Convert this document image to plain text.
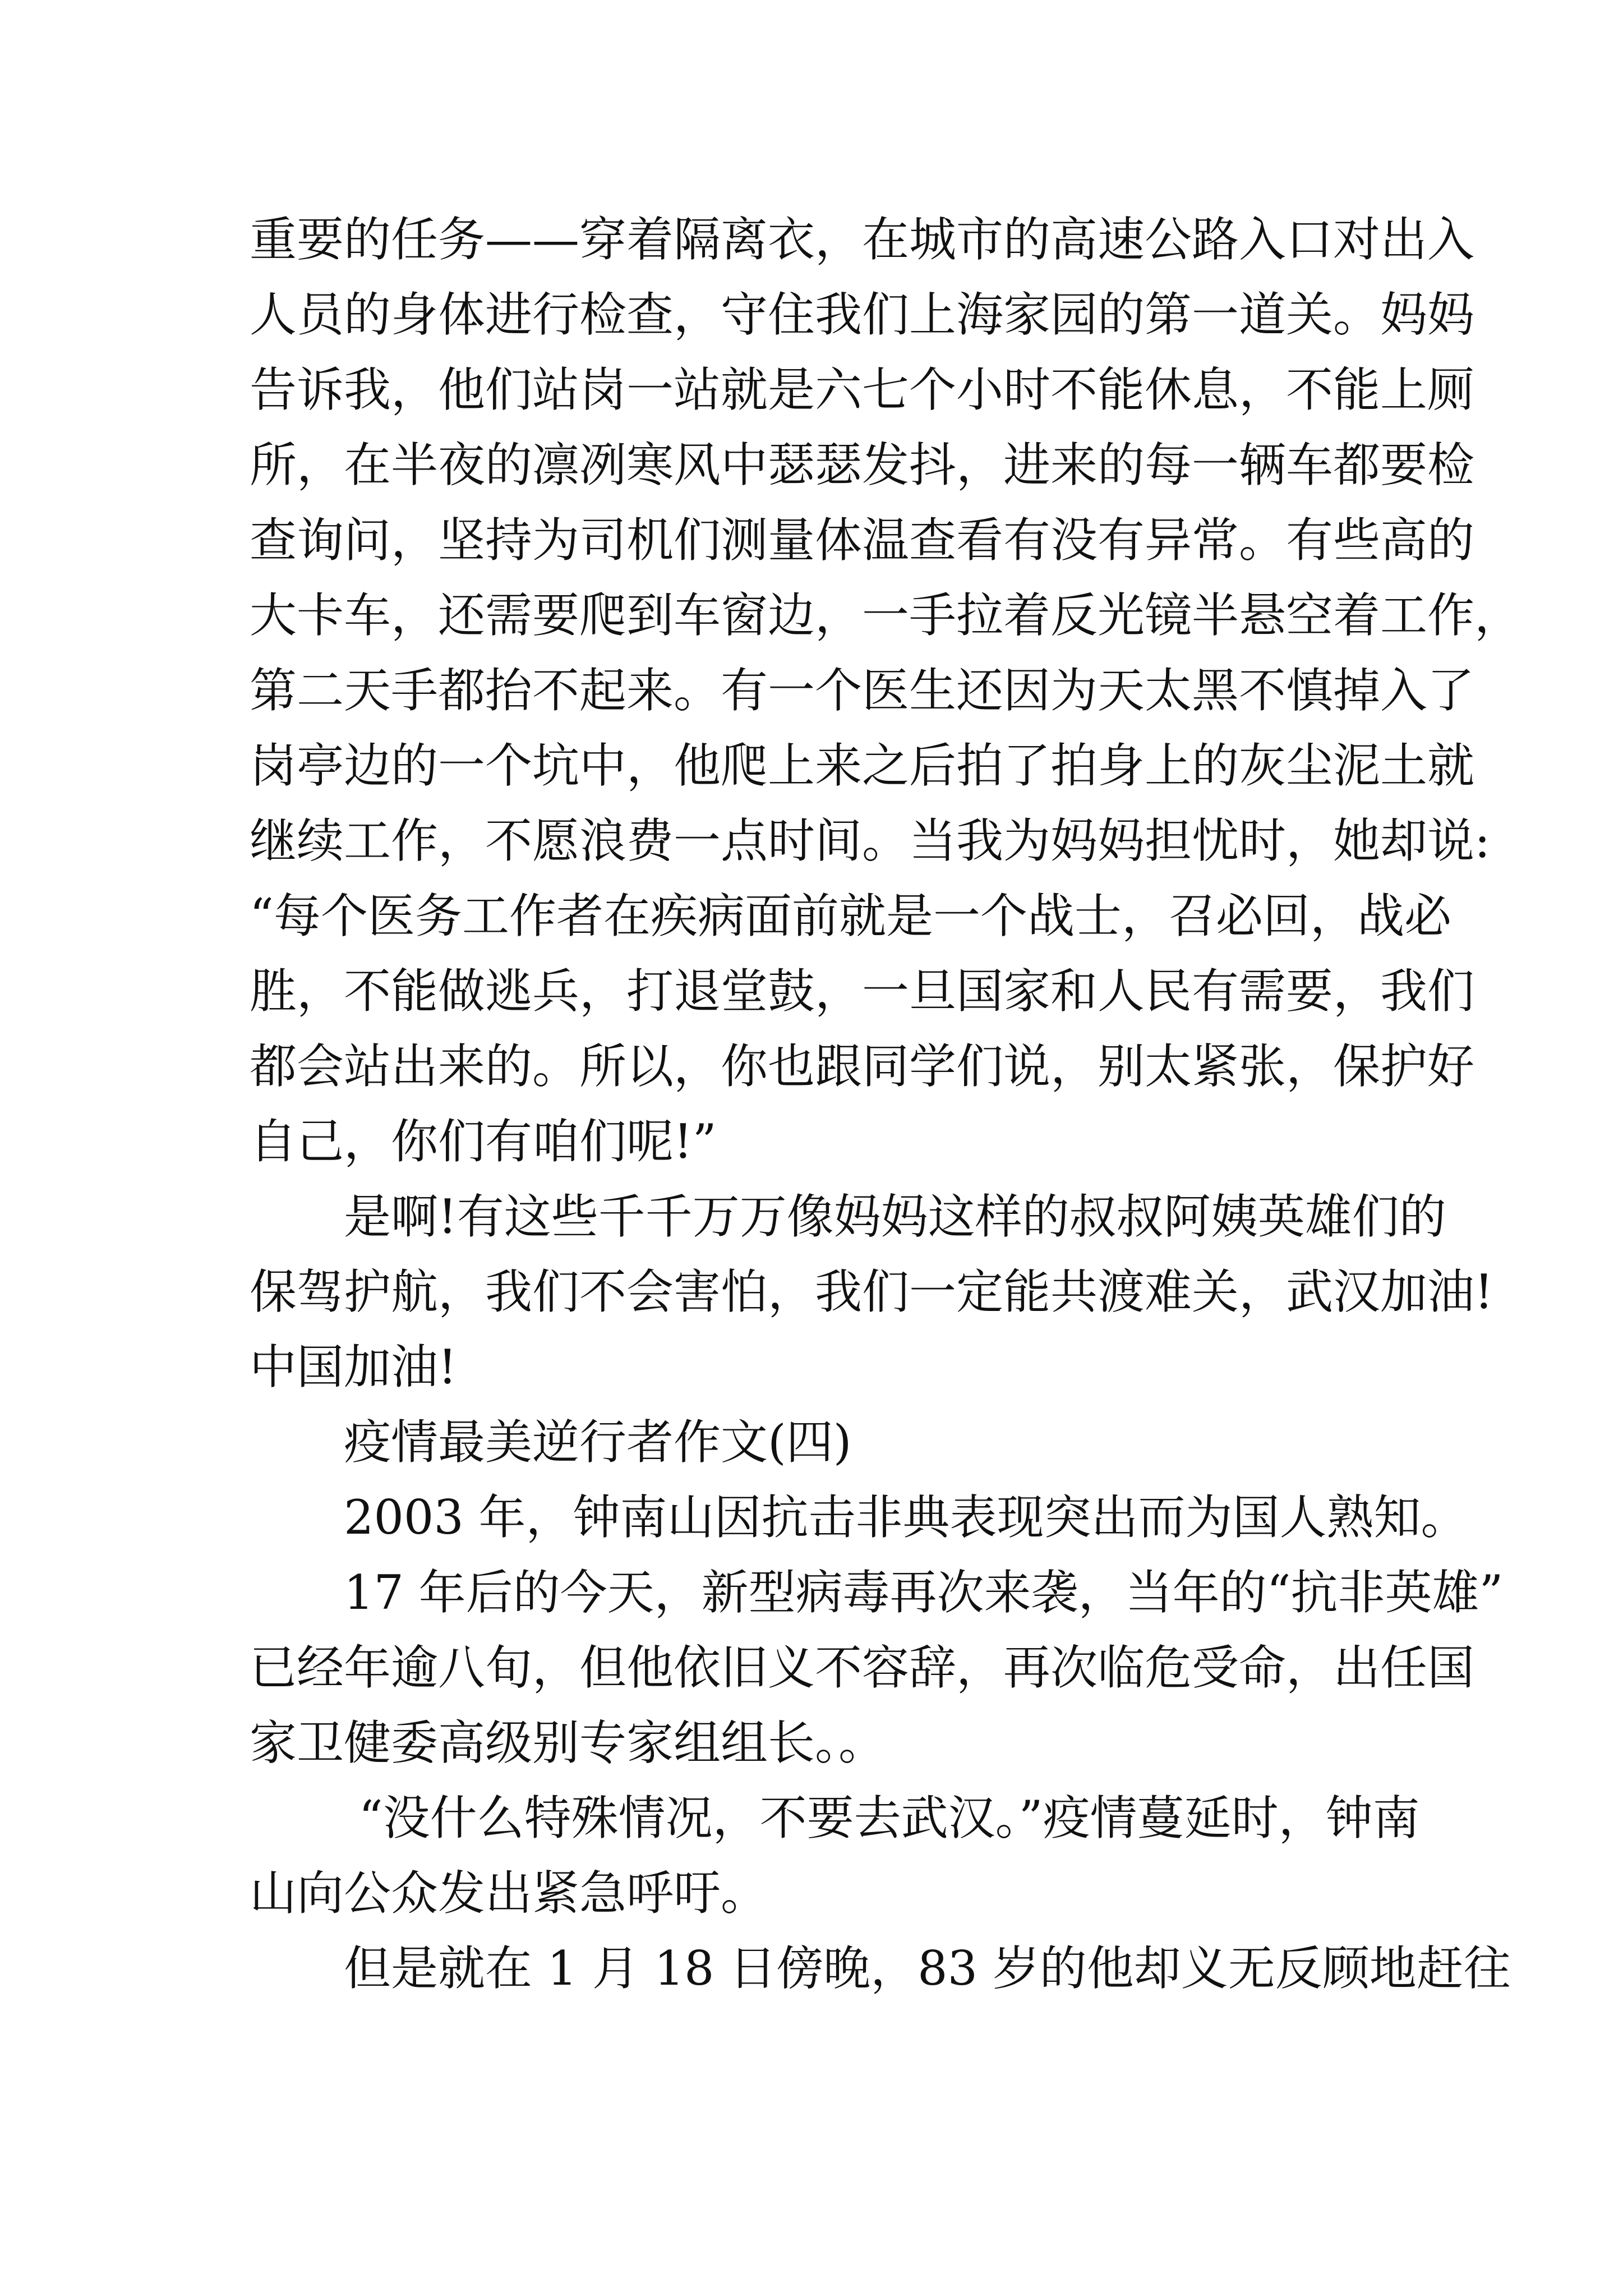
重要的任务——穿着隔离衣，在城市的高速公路入口对出入
人员的身体进行检查，守住我们上海家园的第一道关。妈妈
告诉我，他们站岗一站就是六七个小时不能休息，不能上厕
所，在半夜的凛冽寒风中瑟瑟发抖，进来的每一辆车都要检
查询问，坚持为司机们测量体温查看有没有异常。有些高的
大卡车，还需要爬到车窗边，一手拉着反光镜半悬空着工作，
第二天手都抬不起来。有一个医生还因为天太黑不慎掉入了
岗亭边的一个坑中，他爬上来之后拍了拍身上的灰尘泥土就
继续工作，不愿浪费一点时间。当我为妈妈担忧时，她却说:
“每个医务工作者在疾病面前就是一个战士，召必回，战必
胜，不能做逃兵，打退堂鼓，一旦国家和人民有需要，我们
都会站出来的。所以，你也跟同学们说，别太紧张，保护好
自己，你们有咱们呢!”
是啊!有这些千千万万像妈妈这样的叔叔阿姨英雄们的
保驾护航，我们不会害怕，我们一定能共渡难关，武汉加油!
中国加油!
疫情最美逆行者作文(四)
2003 年，钟南山因抗击非典表现突出而为国人熟知。
17 年后的今天，新型病毒再次来袭，当年的“抗非英雄”
已经年逾八旬，但他依旧义不容辞，再次临危受命，出任国
家卫健委高级别专家组组长。。
“没什么特殊情况，不要去武汉。”疫情蔓延时，钟南
山向公众发出紧急呼吁。
但是就在 1 月 18 日傍晚，83 岁的他却义无反顾地赶往
